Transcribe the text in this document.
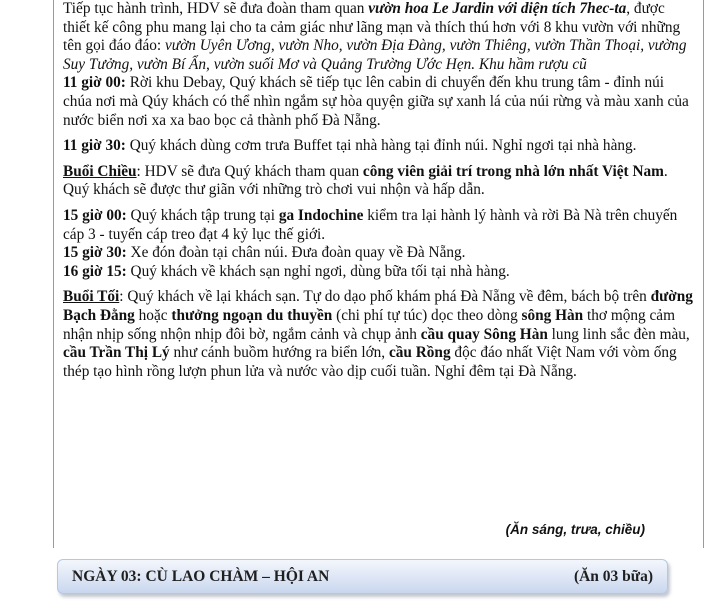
Tiếp tục hành trình, HDV sẽ đưa đoàn tham quan vườn hoa Le Jardin với diện tích 7hec-ta, được thiết kế công phu mang lại cho ta cảm giác như lãng mạn và thích thú hơn với 8 khu vườn với những tên gọi đáo đáo: vườn Uyên Ương, vườn Nho, vườn Địa Đàng, vườn Thiêng, vườn Thần Thoại, vường Suy Tưởng, vườn Bí Ẩn, vườn suối Mơ và Quảng Trường Ước Hẹn. Khu hầm rượu cũ

11 giờ 00: Rời khu Debay, Quý khách sẽ tiếp tục lên cabin di chuyển đến khu trung tâm - đỉnh núi chúa nơi mà Qúy khách có thể nhìn ngắm sự hòa quyện giữa sự xanh lá của núi rừng và màu xanh của nước biển nơi xa xa bao bọc cả thành phố Đà Nẵng.

11 giờ 30: Quý khách dùng cơm trưa Buffet tại nhà hàng tại đỉnh núi. Nghỉ ngơi tại nhà hàng.

Buổi Chiều: HDV sẽ đưa Quý khách tham quan công viên giải trí trong nhà lớn nhất Việt Nam. Quý khách sẽ được thư giãn với những trò chơi vui nhộn và hấp dẫn.

15 giờ 00: Quý khách tập trung tại ga Indochine kiểm tra lại hành lý hành và rời Bà Nà trên chuyến cáp 3 - tuyến cáp treo đạt 4 kỷ lục thế giới.

15 giờ 30: Xe đón đoàn tại chân núi. Đưa đoàn quay về Đà Nẵng.

16 giờ 15: Quý khách về khách sạn nghỉ ngơi, dùng bữa tối tại nhà hàng.

Buổi Tối: Quý khách về lại khách sạn. Tự do dạo phố khám phá Đà Nẵng về đêm, bách bộ trên đường Bạch Đằng hoặc thưởng ngoạn du thuyền (chi phí tự túc) dọc theo dòng sông Hàn thơ mộng cảm nhận nhịp sống nhộn nhịp đôi bờ, ngắm cảnh và chụp ảnh cầu quay Sông Hàn lung linh sắc đèn màu, cầu Trần Thị Lý như cánh buồm hướng ra biển lớn, cầu Rồng độc đáo nhất Việt Nam với vòm ống thép tạo hình rồng lượn phun lửa và nước vào dịp cuối tuần. Nghỉ đêm tại Đà Nẵng.

(Ăn sáng, trưa, chiều)
NGÀY 03: CÙ LAO CHÀM – HỘI AN	(Ăn 03 bữa)
